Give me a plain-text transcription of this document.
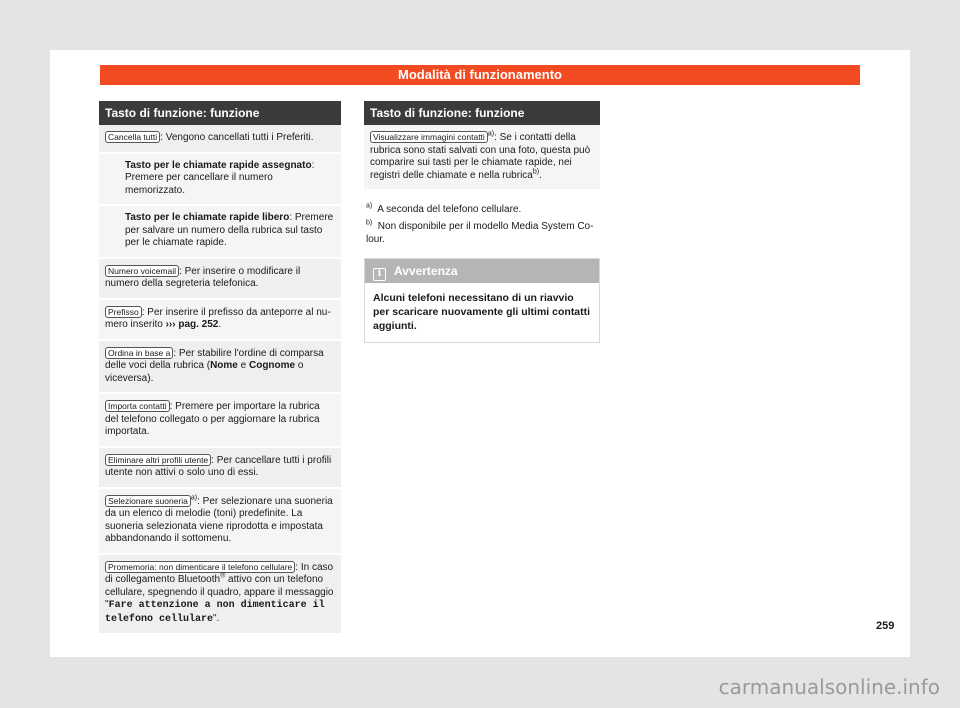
Modalità di funzionamento
Tasto di funzione: funzione
Cancella tutti : Vengono cancellati tutti i Preferiti.
Tasto per le chiamate rapide assegnato: Premere per cancellare il numero memorizzato.
Tasto per le chiamate rapide libero: Premere per salvare un numero della rubrica sul tasto per le chiamate rapide.
Numero voicemail : Per inserire o modificare il numero della segreteria telefonica.
Prefisso : Per inserire il prefisso da anteporre al numero inserito ››› pag. 252.
Ordina in base a : Per stabilire l'ordine di comparsa delle voci della rubrica (Nome e Cognome o viceversa).
Importa contatti : Premere per importare la rubrica del telefono collegato o per aggiornare la rubrica importata.
Eliminare altri profili utente : Per cancellare tutti i profili utente non attivi o solo uno di essi.
Selezionare suoneria $^{a)}$: Per selezionare una suoneria da un elenco di melodie (toni) predefinite. La suoneria selezionata viene riprodotta e impostata abbandonando il sottomenu.
Promemoria: non dimenticare il telefono cellulare : In caso di collegamento Bluetooth® attivo con un telefono cellulare, spegnendo il quadro, appare il messaggio "Fare attenzione a non dimenticare il telefono cellulare".
Tasto di funzione: funzione
Visualizzare immagini contatti $^{a)}$: Se i contatti della rubrica sono stati salvati con una foto, questa può comparire sui tasti per le chiamate rapide, nei registri delle chiamate e nella rubrica$^{b)}$.

$^{a)}$ A seconda del telefono cellulare.

$^{b)}$ Non disponibile per il modello Media System Colour.

i Avvertenza
Alcuni telefoni necessitano di un riavvio per scaricare nuovamente gli ultimi contatti aggiunti.
259
carmanualsonline.info
